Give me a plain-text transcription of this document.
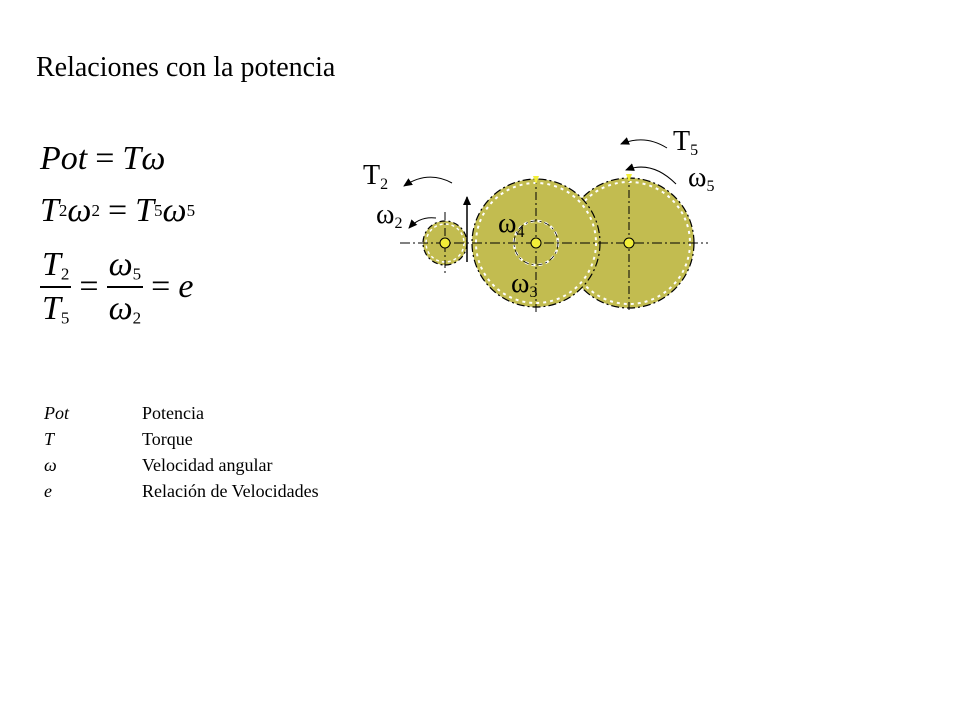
Relaciones con la potencia
Pot = T ω
T 2 ω 2 = T 5 ω 5
$\frac{T_2}{T_5} = \frac{\omega_5}{\omega_2} = e$
Pot	Potencia
T	Torque
ω	Velocidad angular
e	Relación de Velocidades
$T_2$
$\omega_2$
$T_5$
$\omega_5$
$\omega_4$
$\omega_3$
